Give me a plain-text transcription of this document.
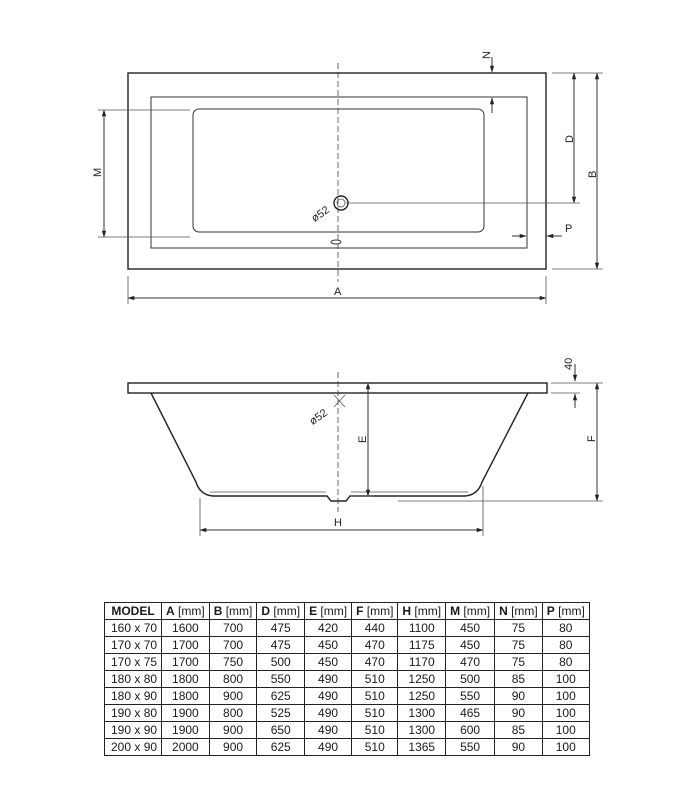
ø52
A
B
D
N
M
P
ø52
E	F
40
H
MODEL	A [mm]	B [mm]	D [mm]	E [mm]	F [mm]	H [mm]	M [mm]	N [mm]	P [mm]
160 x 70	1600	700	475	420	440	1100	450	75	80
170 x 70	1700	700	475	450	470	1175	450	75	80
170 x 75	1700	750	500	450	470	1170	470	75	80
180 x 80	1800	800	550	490	510	1250	500	85	100
180 x 90	1800	900	625	490	510	1250	550	90	100
190 x 80	1900	800	525	490	510	1300	465	90	100
190 x 90	1900	900	650	490	510	1300	600	85	100
200 x 90	2000	900	625	490	510	1365	550	90	100
